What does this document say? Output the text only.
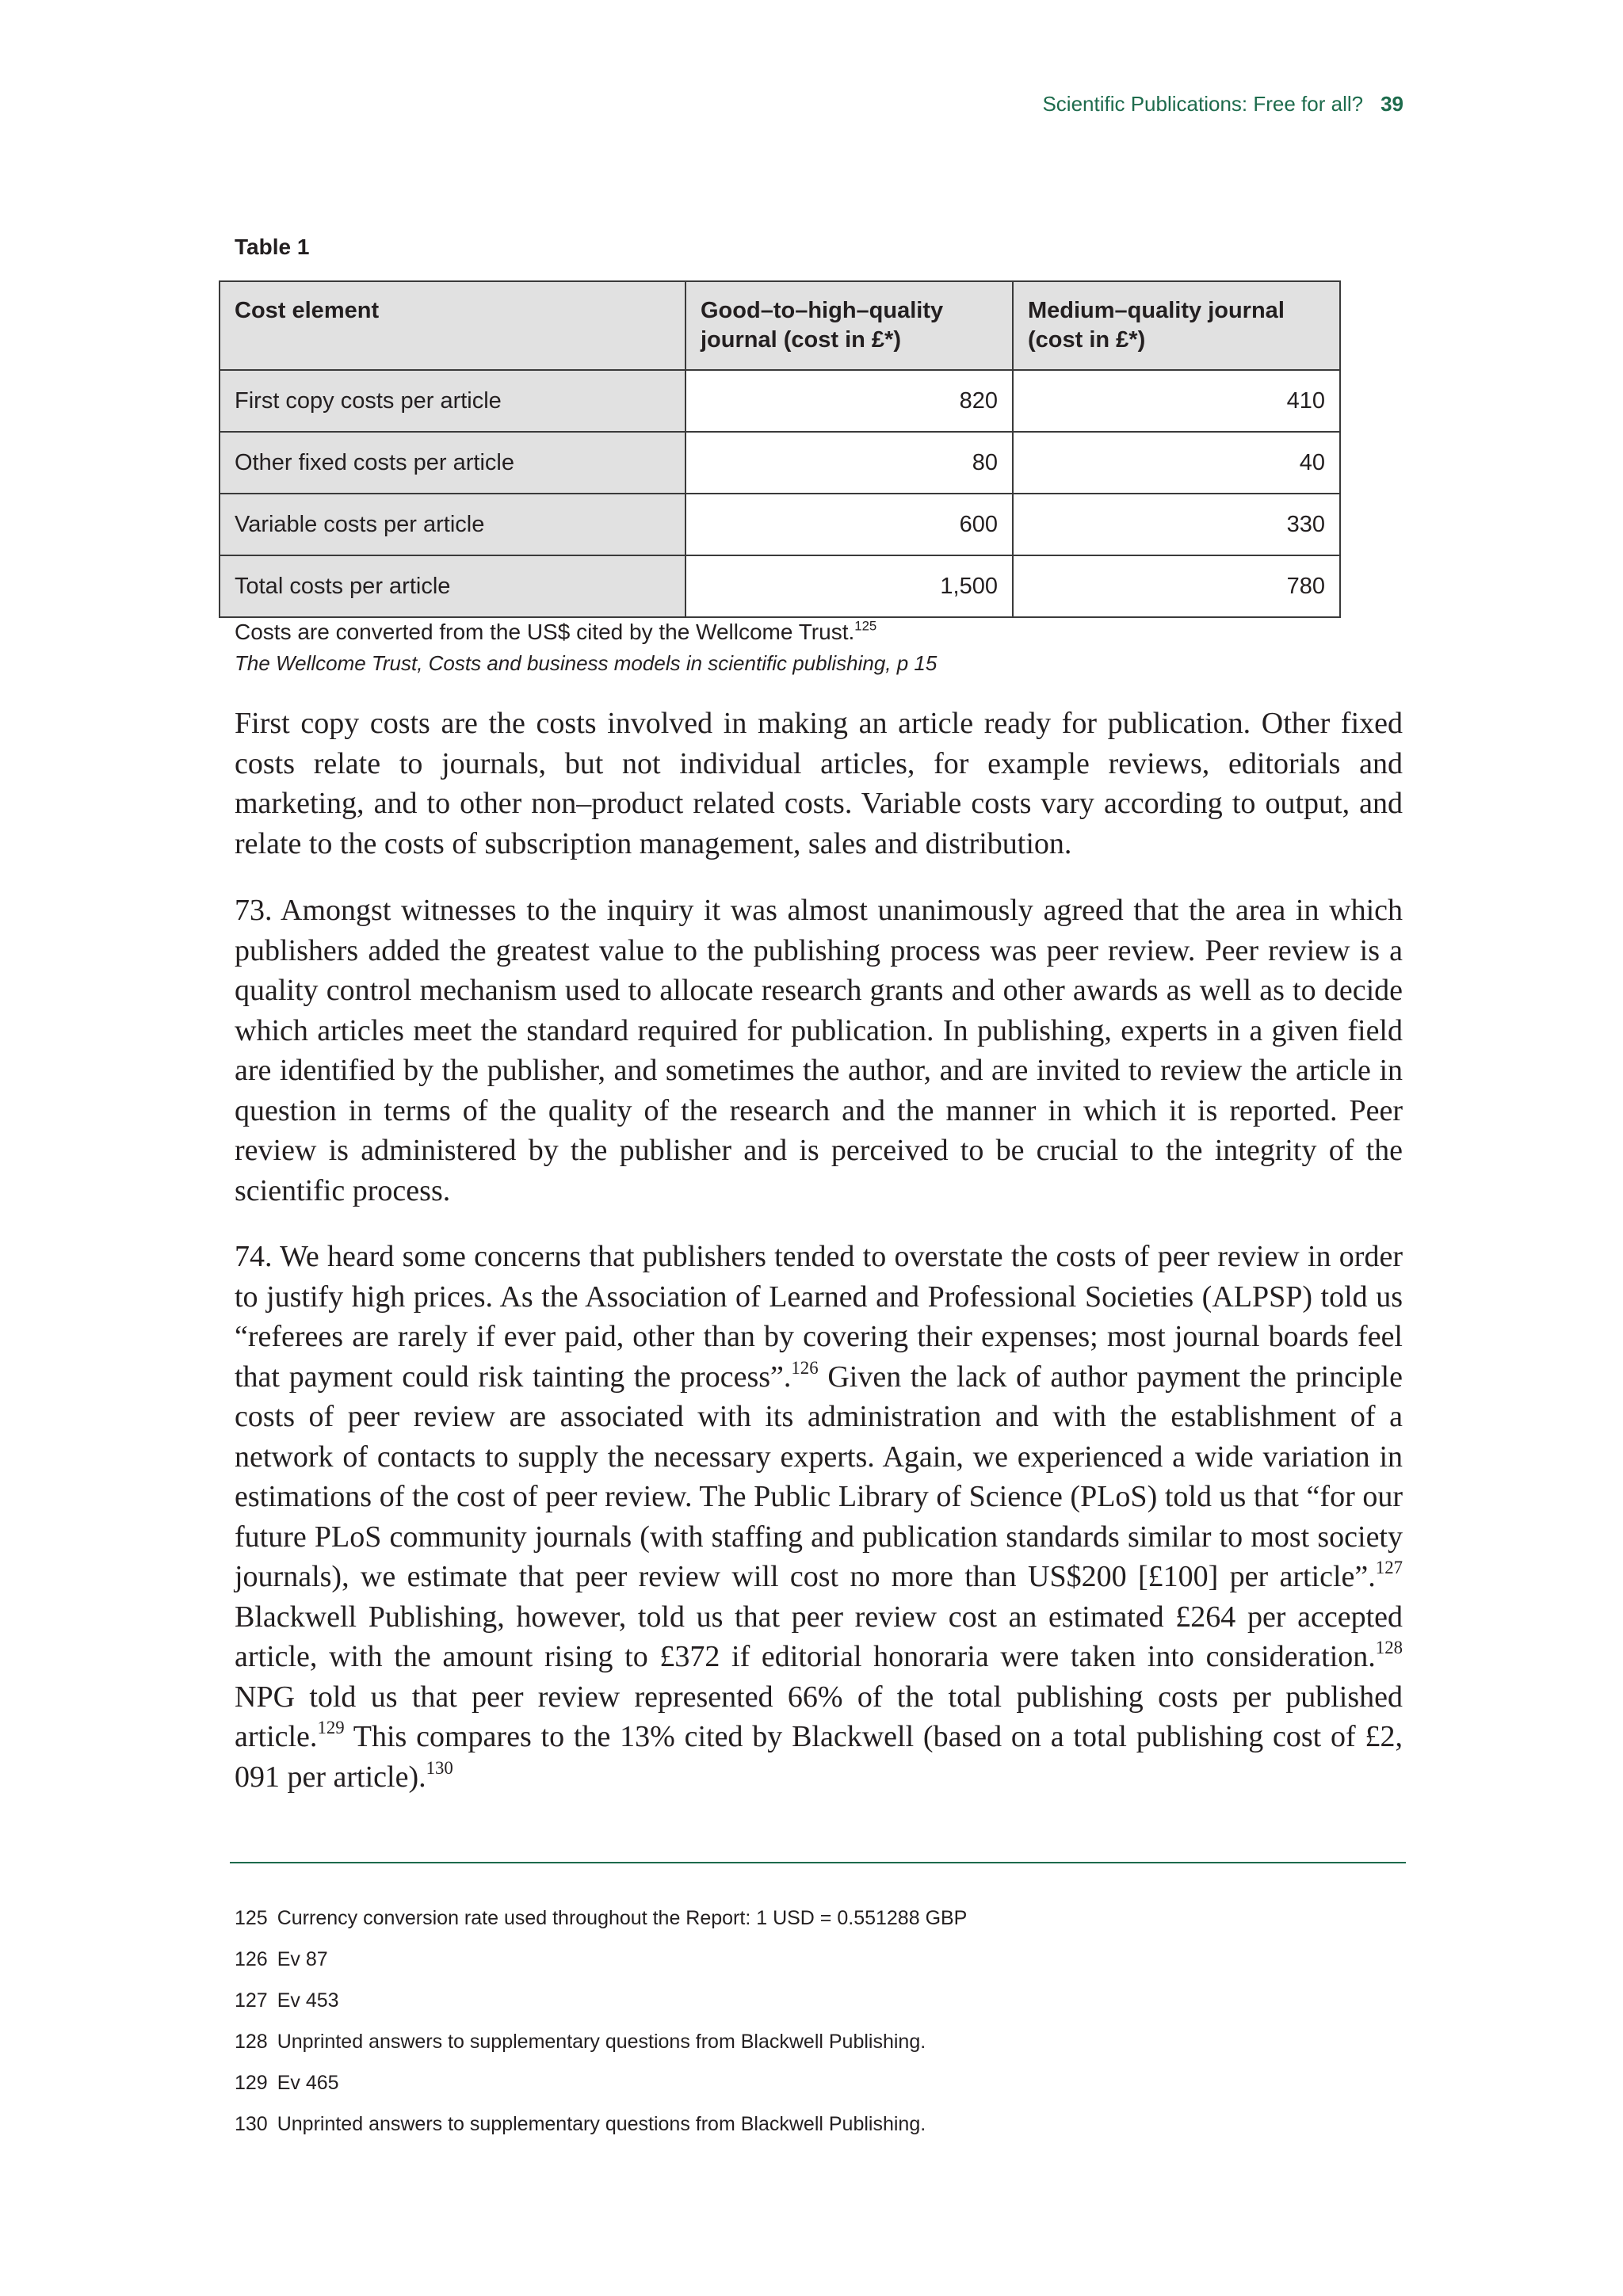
Scientific Publications: Free for all? 39
Table 1
Cost element	Good–to–high–quality journal (cost in £*)	Medium–quality journal (cost in £*)
First copy costs per article	820	410
Other fixed costs per article	80	40
Variable costs per article	600	330
Total costs per article	1,500	780
Costs are converted from the US$ cited by the Wellcome Trust.$^{125}$
The Wellcome Trust, Costs and business models in scientific publishing, p 15

First copy costs are the costs involved in making an article ready for publication. Other fixed costs relate to journals, but not individual articles, for example reviews, editorials and marketing, and to other non–product related costs. Variable costs vary according to output, and relate to the costs of subscription management, sales and distribution.

73. Amongst witnesses to the inquiry it was almost unanimously agreed that the area in which publishers added the greatest value to the publishing process was peer review. Peer review is a quality control mechanism used to allocate research grants and other awards as well as to decide which articles meet the standard required for publication. In publishing, experts in a given field are identified by the publisher, and sometimes the author, and are invited to review the article in question in terms of the quality of the research and the manner in which it is reported. Peer review is administered by the publisher and is perceived to be crucial to the integrity of the scientific process.

74. We heard some concerns that publishers tended to overstate the costs of peer review in order to justify high prices. As the Association of Learned and Professional Societies (ALPSP) told us “referees are rarely if ever paid, other than by covering their expenses; most journal boards feel that payment could risk tainting the process”.$^{126}$ Given the lack of author payment the principle costs of peer review are associated with its administration and with the establishment of a network of contacts to supply the necessary experts. Again, we experienced a wide variation in estimations of the cost of peer review. The Public Library of Science (PLoS) told us that “for our future PLoS community journals (with staffing and publication standards similar to most society journals), we estimate that peer review will cost no more than US$200 [£100] per article”.$^{127}$ Blackwell Publishing, however, told us that peer review cost an estimated £264 per accepted article, with the amount rising to £372 if editorial honoraria were taken into consideration.$^{128}$ NPG told us that peer review represented 66% of the total publishing costs per published article.$^{129}$ This compares to the 13% cited by Blackwell (based on a total publishing cost of £2, 091 per article).$^{130}$

125 Currency conversion rate used throughout the Report: 1 USD = 0.551288 GBP
126 Ev 87
127 Ev 453
128 Unprinted answers to supplementary questions from Blackwell Publishing.
129 Ev 465
130 Unprinted answers to supplementary questions from Blackwell Publishing.
